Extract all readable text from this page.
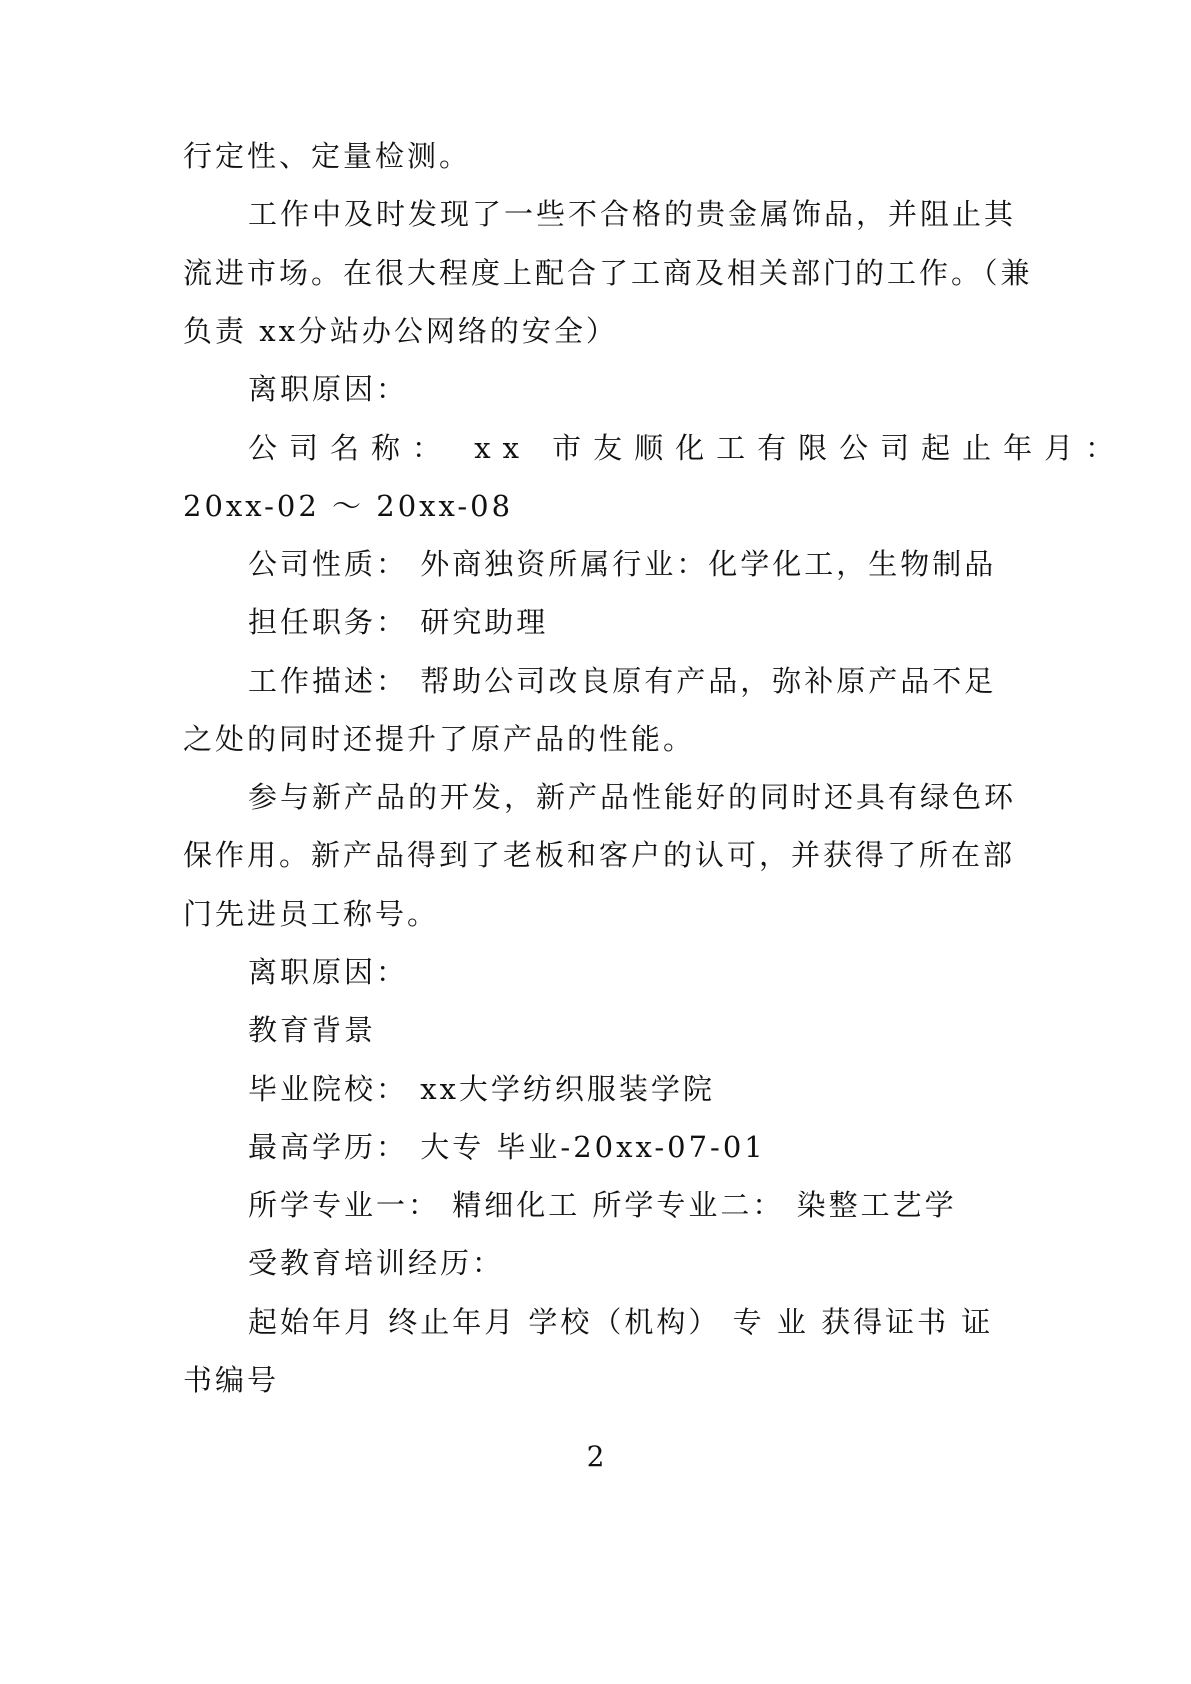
行定性、定量检测。
工作中及时发现了一些不合格的贵金属饰品，并阻止其
流进市场。在很大程度上配合了工商及相关部门的工作。（兼
负责 xx分站办公网络的安全）
离职原因：
公司名称： xx 市友顺化工有限公司起止年月：
20xx-02 ～ 20xx-08
公司性质： 外商独资所属行业：化学化工，生物制品
担任职务： 研究助理
工作描述： 帮助公司改良原有产品，弥补原产品不足
之处的同时还提升了原产品的性能。
参与新产品的开发，新产品性能好的同时还具有绿色环
保作用。新产品得到了老板和客户的认可，并获得了所在部
门先进员工称号。
离职原因：
教育背景
毕业院校： xx大学纺织服装学院
最高学历： 大专 毕业-20xx-07-01
所学专业一： 精细化工 所学专业二： 染整工艺学
受教育培训经历：
起始年月 终止年月 学校（机构） 专 业 获得证书 证
书编号
2
